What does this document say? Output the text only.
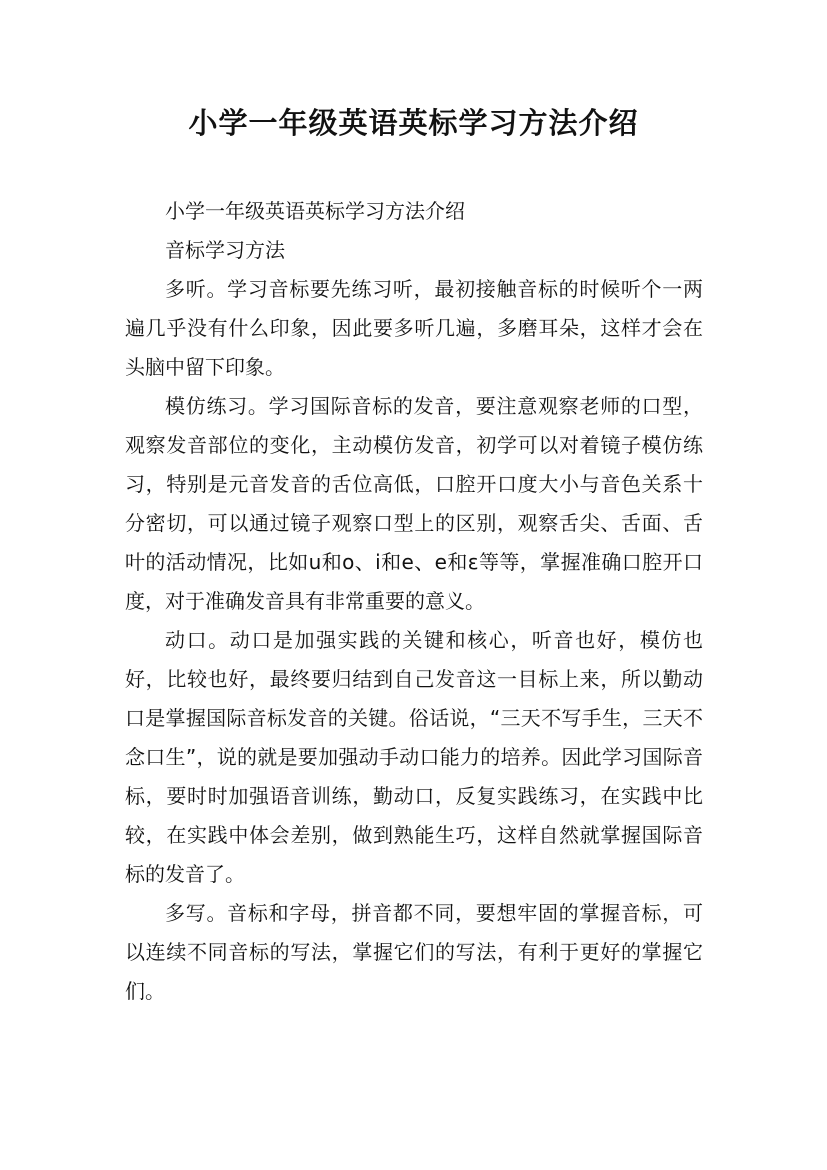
小学一年级英语英标学习方法介绍

小学一年级英语英标学习方法介绍

音标学习方法

多听。学习音标要先练习听，最初接触音标的时候听个一两遍几乎没有什么印象，因此要多听几遍，多磨耳朵，这样才会在头脑中留下印象。

模仿练习。学习国际音标的发音，要注意观察老师的口型，观察发音部位的变化，主动模仿发音，初学可以对着镜子模仿练习，特别是元音发音的舌位高低，口腔开口度大小与音色关系十分密切，可以通过镜子观察口型上的区别，观察舌尖、舌面、舌叶的活动情况，比如u和o、i和e、e和ε等等，掌握准确口腔开口度，对于准确发音具有非常重要的意义。

动口。动口是加强实践的关键和核心，听音也好，模仿也好，比较也好，最终要归结到自己发音这一目标上来，所以勤动口是掌握国际音标发音的关键。俗话说，“三天不写手生，三天不念口生”，说的就是要加强动手动口能力的培养。因此学习国际音标，要时时加强语音训练，勤动口，反复实践练习，在实践中比较，在实践中体会差别，做到熟能生巧，这样自然就掌握国际音标的发音了。

多写。音标和字母，拼音都不同，要想牢固的掌握音标，可以连续不同音标的写法，掌握它们的写法，有利于更好的掌握它们。
